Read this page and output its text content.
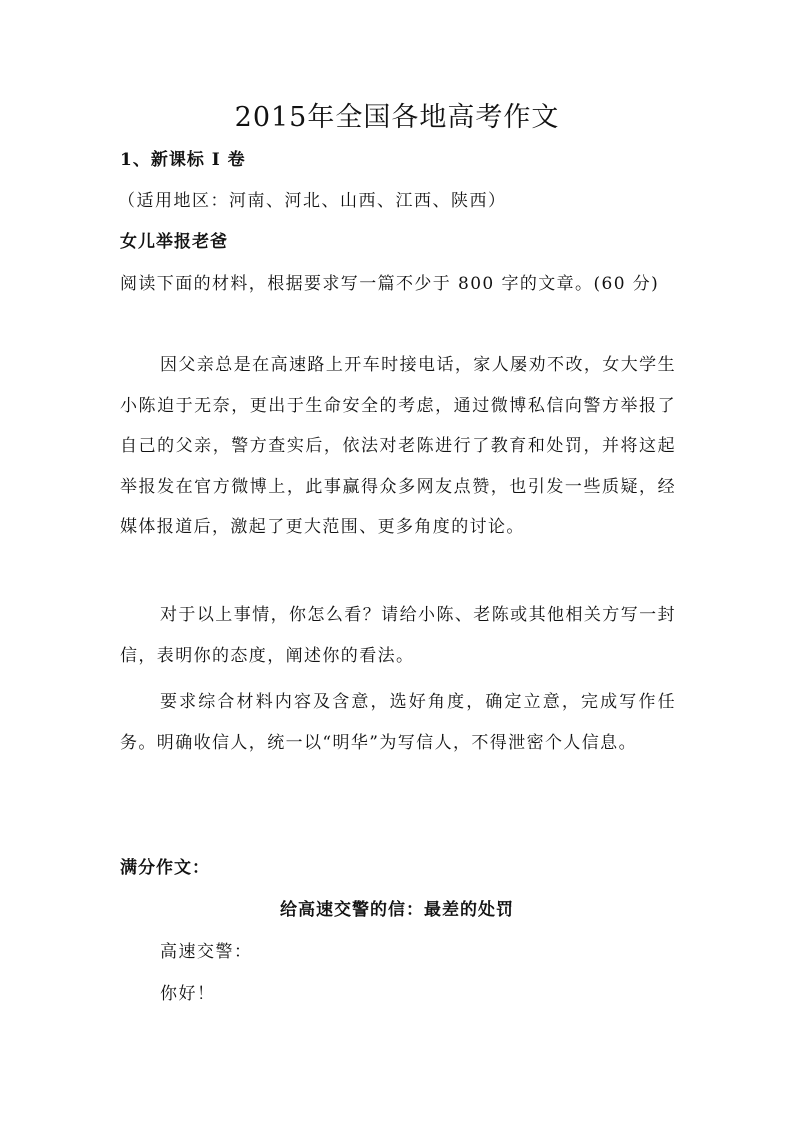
2015年全国各地高考作文
1、新课标 I 卷
（适用地区：河南、河北、山西、江西、陕西）
女儿举报老爸
阅读下面的材料，根据要求写一篇不少于 800 字的文章。(60 分)
因父亲总是在高速路上开车时接电话，家人屡劝不改，女大学生小陈迫于无奈，更出于生命安全的考虑，通过微博私信向警方举报了自己的父亲，警方查实后，依法对老陈进行了教育和处罚，并将这起举报发在官方微博上，此事赢得众多网友点赞，也引发一些质疑，经媒体报道后，激起了更大范围、更多角度的讨论。
对于以上事情，你怎么看？请给小陈、老陈或其他相关方写一封信，表明你的态度，阐述你的看法。
要求综合材料内容及含意，选好角度，确定立意，完成写作任务。明确收信人，统一以“明华”为写信人，不得泄密个人信息。
满分作文：
给高速交警的信：最差的处罚
高速交警：
你好！
